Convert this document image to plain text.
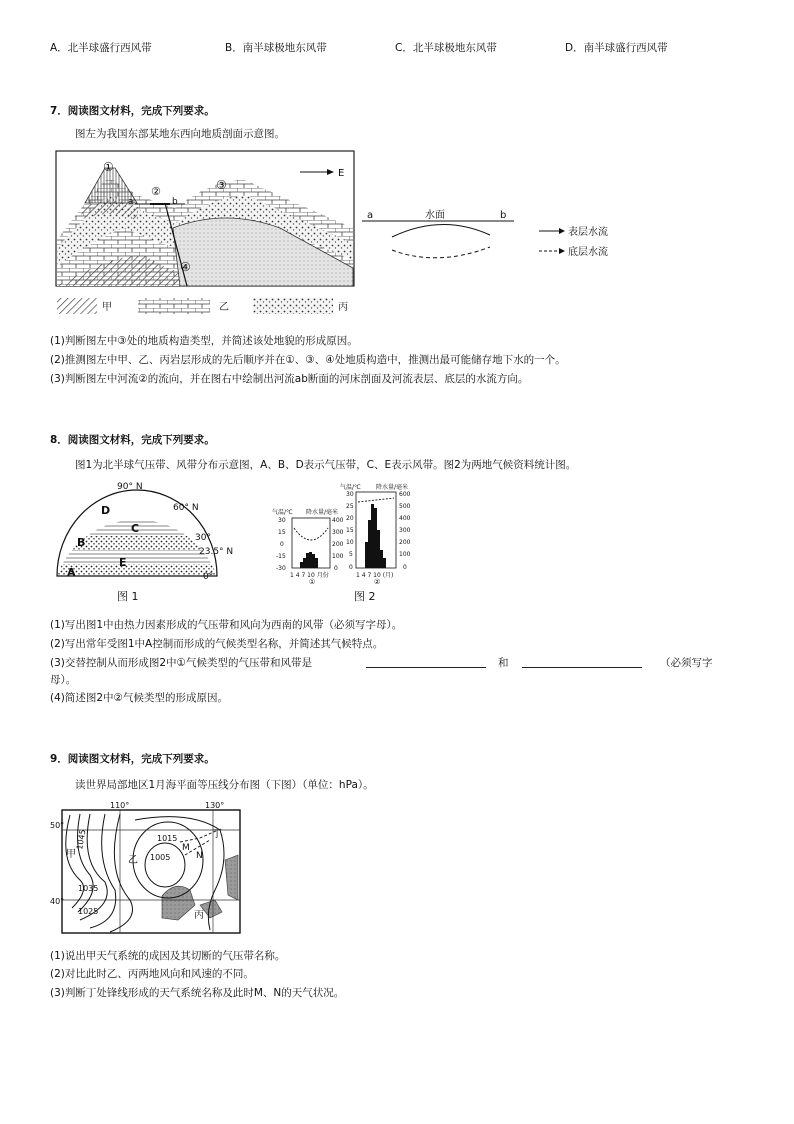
A．北半球盛行西风带	B．南半球极地东风带	C．北半球极地东风带	D．南半球盛行西风带
7．阅读图文材料，完成下列要求。
图左为我国东部某地东西向地质剖面示意图。
①
②	③
④
a	b
E
甲	乙	丙
a	b
水面
表层水流
底层水流
(1)判断图左中③处的地质构造类型，并简述该处地貌的形成原因。
(2)推测图左中甲、乙、丙岩层形成的先后顺序并在①、③、④处地质构造中，推测出最可能储存地下水的一个。
(3)判断图左中河流②的流向，并在图右中绘制出河流ab断面的河床剖面及河流表层、底层的水流方向。
8．阅读图文材料，完成下列要求。
图1为北半球气压带、风带分布示意图，A、B、D表示气压带，C、E表示风带。图2为两地气候资料统计图。
90° N
60° N
30°
23.5° N
0°
D
C
B
E
A
图 1
气温/℃ 降水量/毫米
30
15
0
-15
-30
400
300
200
100
0
1 4 7 10 月份
①
气温/℃	降水量/毫米
30
25
20
15
10
5
0
600
500
400
300
200
100
0
1 4 7 10 (月)
②
图 2
(1)写出图1中由热力因素形成的气压带和风向为西南的风带（必须写字母）。
(2)写出常年受图1中A控制而形成的气候类型名称，并简述其气候特点。
(3)交替控制从而形成图2中①气候类型的气压带和风带是	和	（必须写字
母）。
(4)简述图2中②气候类型的形成原因。
9．阅读图文材料，完成下列要求。
读世界局部地区1月海平面等压线分布图（下图）（单位：hPa）。
110°	130°
50°
40°
1045
1035
1025
1015
1005
甲
乙
丙
丁
M
N
(1)说出甲天气系统的成因及其切断的气压带名称。
(2)对比此时乙、丙两地风向和风速的不同。
(3)判断丁处锋线形成的天气系统名称及此时M、N的天气状况。
